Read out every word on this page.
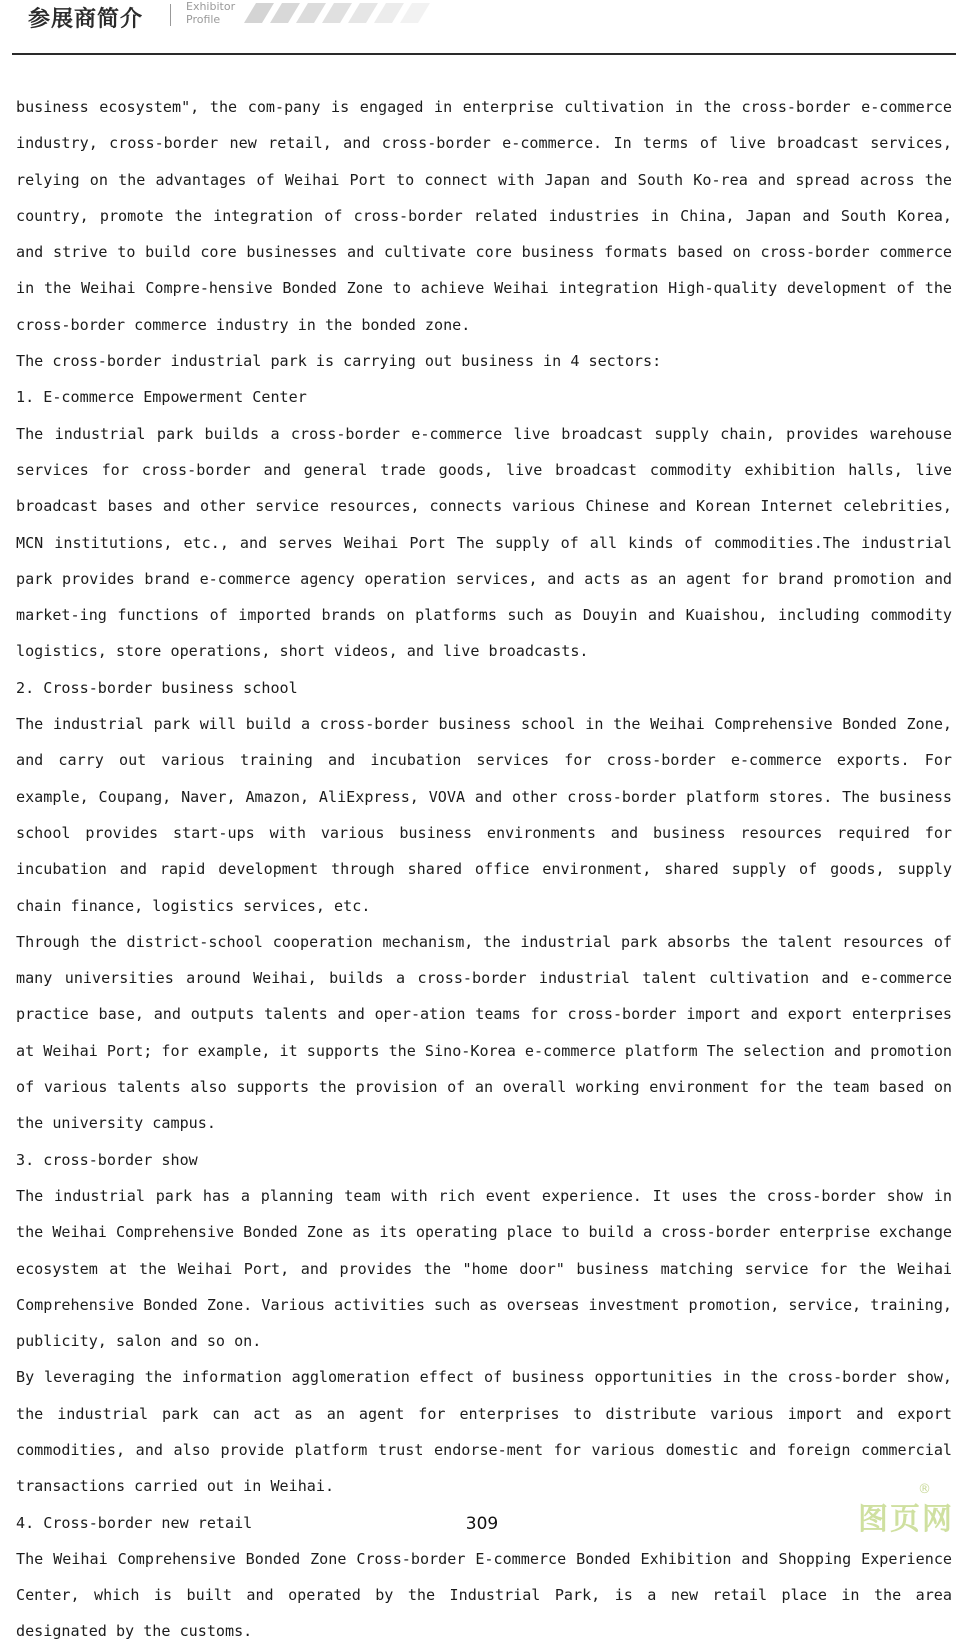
参展商简介
Exhibitor
Profile

business ecosystem", the com-pany is engaged in enterprise cultivation in the cross-border e-commerce industry, cross-border new retail, and cross-border e-commerce. In terms of live broadcast services, relying on the advantages of Weihai Port to connect with Japan and South Ko-rea and spread across the country, promote the integration of cross-border related industries in China, Japan and South Korea, and strive to build core businesses and cultivate core business formats based on cross-border commerce in the Weihai Compre-hensive Bonded Zone to achieve Weihai integration High-quality development of the cross-border commerce industry in the bonded zone.

The cross-border industrial park is carrying out business in 4 sectors:

1. E-commerce Empowerment Center

The industrial park builds a cross-border e-commerce live broadcast supply chain, provides warehouse services for cross-border and general trade goods, live broadcast commodity exhibition halls, live broadcast bases and other service resources, connects various Chinese and Korean Internet celebrities, MCN institutions, etc., and serves Weihai Port The supply of all kinds of commodities.The industrial park provides brand e-commerce agency operation services, and acts as an agent for brand promotion and market-ing functions of imported brands on platforms such as Douyin and Kuaishou, including commodity logistics, store operations, short videos, and live broadcasts.

2. Cross-border business school

The industrial park will build a cross-border business school in the Weihai Comprehensive Bonded Zone, and carry out various training and incubation services for cross-border e-commerce exports. For example, Coupang, Naver, Amazon, AliExpress, VOVA and other cross-border platform stores. The business school provides start-ups with various business environments and business resources required for incubation and rapid development through shared office environment, shared supply of goods, supply chain finance, logistics services, etc.

Through the district-school cooperation mechanism, the industrial park absorbs the talent resources of many universities around Weihai, builds a cross-border industrial talent cultivation and e-commerce practice base, and outputs talents and oper-ation teams for cross-border import and export enterprises at Weihai Port; for example, it supports the Sino-Korea e-commerce platform The selection and promotion of various talents also supports the provision of an overall working environment for the team based on the university campus.

3. cross-border show

The industrial park has a planning team with rich event experience. It uses the cross-border show in the Weihai Comprehensive Bonded Zone as its operating place to build a cross-border enterprise exchange ecosystem at the Weihai Port, and provides the "home door" business matching service for the Weihai Comprehensive Bonded Zone. Various activities such as overseas investment promotion, service, training, publicity, salon and so on.

By leveraging the information agglomeration effect of business opportunities in the cross-border show, the industrial park can act as an agent for enterprises to distribute various import and export commodities, and also provide platform trust endorse-ment for various domestic and foreign commercial transactions carried out in Weihai.

4. Cross-border new retail

The Weihai Comprehensive Bonded Zone Cross-border E-commerce Bonded Exhibition and Shopping Experience Center, which is built and operated by the Industrial Park, is a new retail place in the area designated by the customs.

309	图页网
®
